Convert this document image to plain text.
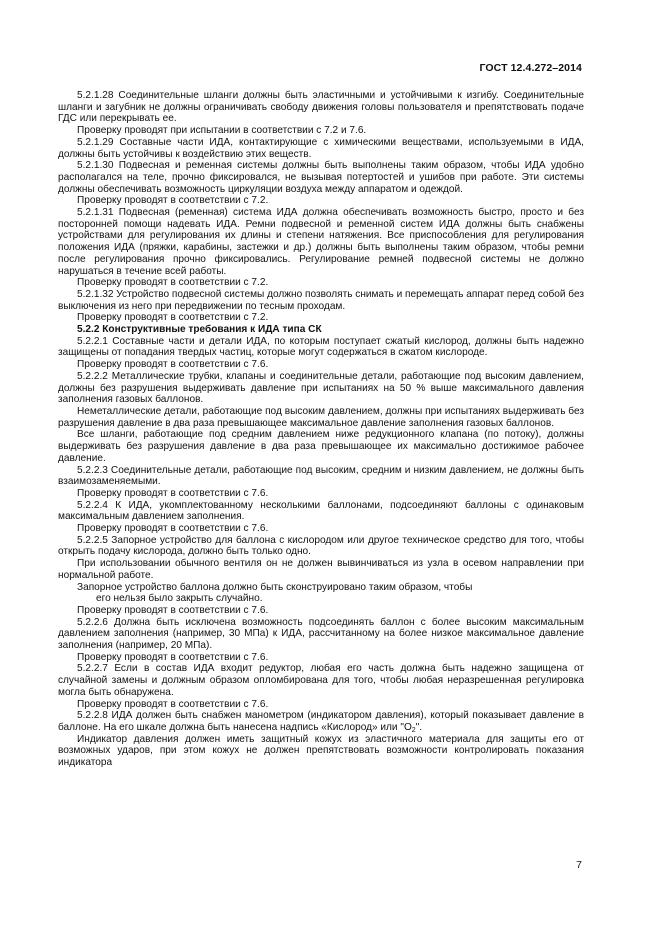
ГОСТ 12.4.272–2014

5.2.1.28 Соединительные шланги должны быть эластичными и устойчивыми к изгибу. Соединительные шланги и загубник не должны ограничивать свободу движения головы пользователя и препятствовать подаче ГДС или перекрывать ее.

Проверку проводят при испытании в соответствии с 7.2 и 7.6.

5.2.1.29 Составные части ИДА, контактирующие с химическими веществами, используемыми в ИДА, должны быть устойчивы к воздействию этих веществ.

5.2.1.30 Подвесная и ременная системы должны быть выполнены таким образом, чтобы ИДА удобно располагался на теле, прочно фиксировался, не вызывая потертостей и ушибов при работе. Эти системы должны обеспечивать возможность циркуляции воздуха между аппаратом и одеждой.

Проверку проводят в соответствии с 7.2.

5.2.1.31 Подвесная (ременная) система ИДА должна обеспечивать возможность быстро, просто и без посторонней помощи надевать ИДА. Ремни подвесной и ременной систем ИДА должны быть снабжены устройствами для регулирования их длины и степени натяжения. Все приспособления для регулирования положения ИДА (пряжки, карабины, застежки и др.) должны быть выполнены таким образом, чтобы ремни после регулирования прочно фиксировались. Регулирование ремней подвесной системы не должно нарушаться в течение всей работы.

Проверку проводят в соответствии с 7.2.

5.2.1.32 Устройство подвесной системы должно позволять снимать и перемещать аппарат перед собой без выключения из него при передвижении по тесным проходам.

Проверку проводят в соответствии с 7.2.

5.2.2 Конструктивные требования к ИДА типа СК

5.2.2.1 Составные части и детали ИДА, по которым поступает сжатый кислород, должны быть надежно защищены от попадания твердых частиц, которые могут содержаться в сжатом кислороде.

Проверку проводят в соответствии с 7.6.

5.2.2.2 Металлические трубки, клапаны и соединительные детали, работающие под высоким давлением, должны без разрушения выдерживать давление при испытаниях на 50 % выше максимального давления заполнения газовых баллонов.

Неметаллические детали, работающие под высоким давлением, должны при испытаниях выдерживать без разрушения давление в два раза превышающее максимальное давление заполнения газовых баллонов.

Все шланги, работающие под средним давлением ниже редукционного клапана (по потоку), должны выдерживать без разрушения давление в два раза превышающее их максимально достижимое рабочее давление.

5.2.2.3 Соединительные детали, работающие под высоким, средним и низким давлением, не должны быть взаимозаменяемыми.

Проверку проводят в соответствии с 7.6.

5.2.2.4 К ИДА, укомплектованному несколькими баллонами, подсоединяют баллоны с одинаковым максимальным давлением заполнения.

Проверку проводят в соответствии с 7.6.

5.2.2.5 Запорное устройство для баллона с кислородом или другое техническое средство для того, чтобы открыть подачу кислорода, должно быть только одно.

При использовании обычного вентиля он не должен вывинчиваться из узла в осевом направлении при нормальной работе.

Запорное устройство баллона должно быть сконструировано таким образом, чтобы

его нельзя было закрыть случайно.

Проверку проводят в соответствии с 7.6.

5.2.2.6 Должна быть исключена возможность подсоединять баллон с более высоким максимальным давлением заполнения (например, 30 МПа) к ИДА, рассчитанному на более низкое максимальное давление заполнения (например, 20 МПа).

Проверку проводят в соответствии с 7.6.

5.2.2.7 Если в состав ИДА входит редуктор, любая его часть должна быть надежно защищена от случайной замены и должным образом опломбирована для того, чтобы любая неразрешенная регулировка могла быть обнаружена.

Проверку проводят в соответствии с 7.6.

5.2.2.8 ИДА должен быть снабжен манометром (индикатором давления), который показывает давление в баллоне. На его шкале должна быть нанесена надпись «Кислород» или "$O_2$".

Индикатор давления должен иметь защитный кожух из эластичного материала для защиты его от возможных ударов, при этом кожух не должен препятствовать возможности контролировать показания индикатора

7
